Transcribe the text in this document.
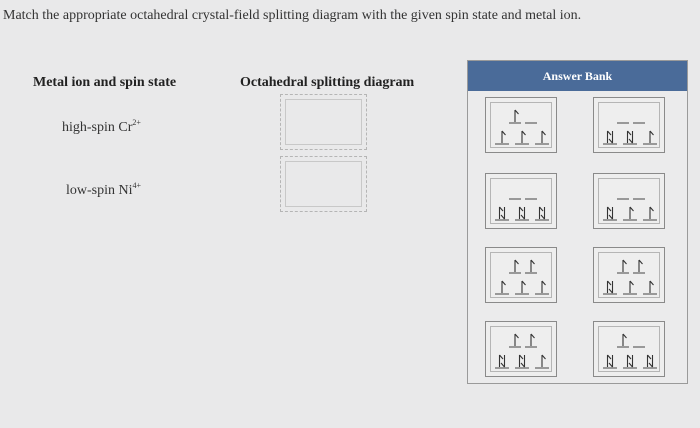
Match the appropriate octahedral crystal-field splitting diagram with the given spin state and metal ion.
Metal ion and spin state	Octahedral splitting diagram
high-spin $Cr^{2+}$
low-spin $Ni^{4+}$
Answer Bank
